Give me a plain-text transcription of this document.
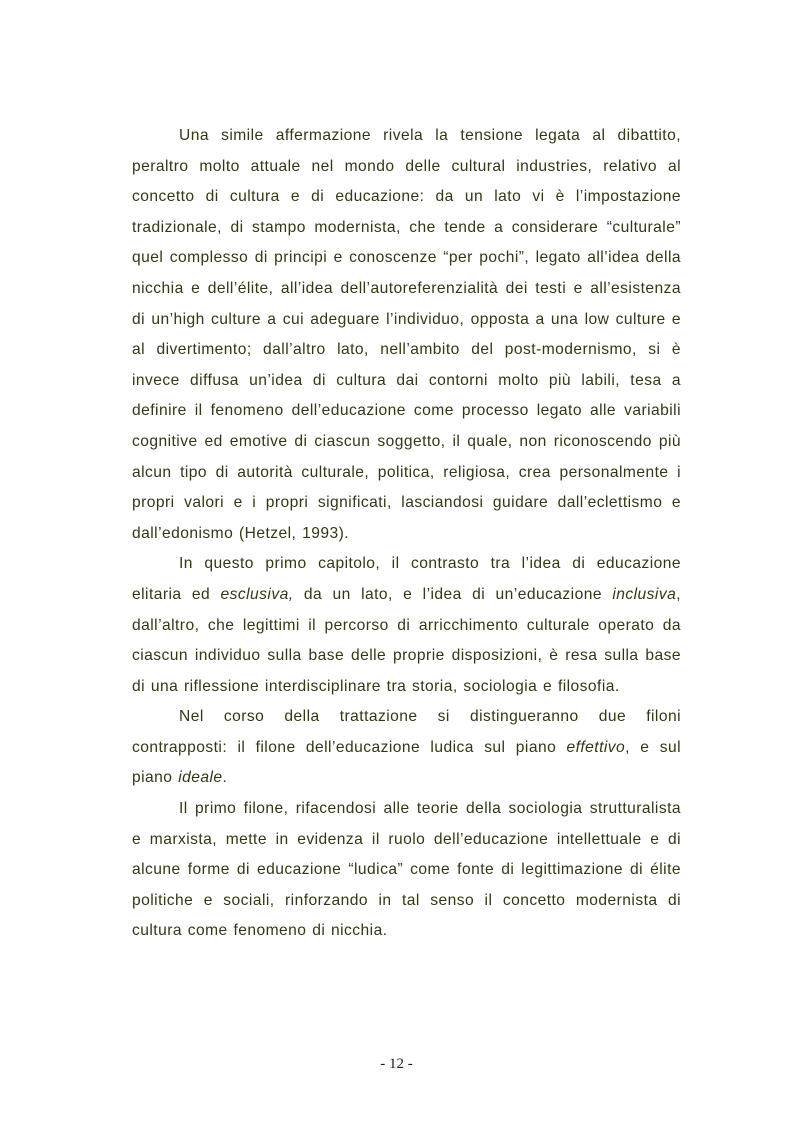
Una simile affermazione rivela la tensione legata al dibattito, peraltro molto attuale nel mondo delle cultural industries, relativo al concetto di cultura e di educazione: da un lato vi è l’impostazione tradizionale, di stampo modernista, che tende a considerare “culturale” quel complesso di principi e conoscenze “per pochi”, legato all’idea della nicchia e dell’élite, all’idea dell’autoreferenzialità dei testi e all’esistenza di un’high culture a cui adeguare l’individuo, opposta a una low culture e al divertimento; dall’altro lato, nell’ambito del post-modernismo, si è invece diffusa un’idea di cultura dai contorni molto più labili, tesa a definire il fenomeno dell’educazione come processo legato alle variabili cognitive ed emotive di ciascun soggetto, il quale, non riconoscendo più alcun tipo di autorità culturale, politica, religiosa, crea personalmente i propri valori e i propri significati, lasciandosi guidare dall’eclettismo e dall’edonismo (Hetzel, 1993).

In questo primo capitolo, il contrasto tra l’idea di educazione elitaria ed esclusiva, da un lato, e l’idea di un’educazione inclusiva, dall’altro, che legittimi il percorso di arricchimento culturale operato da ciascun individuo sulla base delle proprie disposizioni, è resa sulla base di una riflessione interdisciplinare tra storia, sociologia e filosofia.

Nel corso della trattazione si distingueranno due filoni contrapposti: il filone dell’educazione ludica sul piano effettivo, e sul piano ideale.

Il primo filone, rifacendosi alle teorie della sociologia strutturalista e marxista, mette in evidenza il ruolo dell’educazione intellettuale e di alcune forme di educazione “ludica” come fonte di legittimazione di élite politiche e sociali, rinforzando in tal senso il concetto modernista di cultura come fenomeno di nicchia.

- 12 -
